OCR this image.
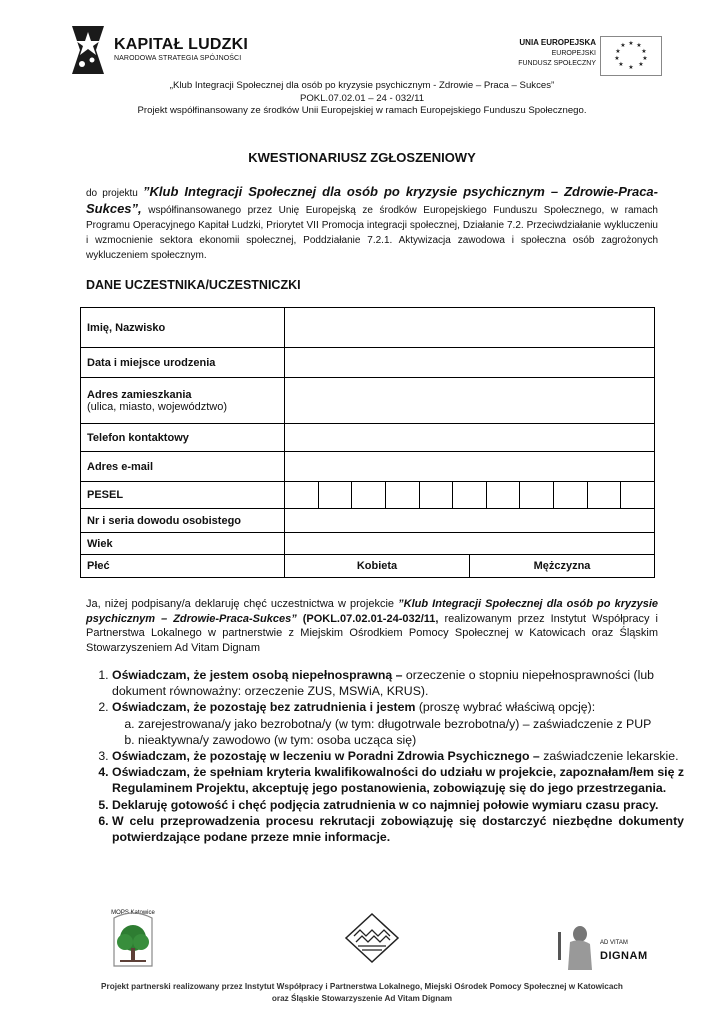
KAPITAŁ LUDZKI
NARODOWA STRATEGIA SPÓJNOŚCI
UNIA EUROPEJSKA
EUROPEJSKI
FUNDUSZ SPOŁECZNY
★ ★
★
★
★
★
★
★
★
★
„Klub Integracji Społecznej dla osób po kryzysie psychicznym - Zdrowie – Praca – Sukces”
POKL.07.02.01 – 24 - 032/11
Projekt współfinansowany ze środków Unii Europejskiej w ramach Europejskiego Funduszu Społecznego.
KWESTIONARIUSZ ZGŁOSZENIOWY
do projektu ”Klub Integracji Społecznej dla osób po kryzysie psychicznym – Zdrowie-Praca-Sukces”, współfinansowanego przez Unię Europejską ze środków Europejskiego Funduszu Społecznego, w ramach Programu Operacyjnego Kapitał Ludzki, Priorytet VII Promocja integracji społecznej, Działanie 7.2. Przeciwdziałanie wykluczeniu i wzmocnienie sektora ekonomii społecznej, Poddziałanie 7.2.1. Aktywizacja zawodowa i społeczna osób zagrożonych wykluczeniem społecznym.
DANE UCZESTNIKA/UCZESTNICZKI
Imię, Nazwisko		
Data i miejsce urodzenia		

Adres zamieszkania
(ulica, miasto, województwo)		

Telefon kontaktowy		
Adres e-mail		
PESEL		

Nr i seria dowodu osobistego		
Wiek		
Płeć	Kobieta	Mężczyzna
Ja, niżej podpisany/a deklaruję chęć uczestnictwa w projekcie ”Klub Integracji Społecznej dla osób po kryzysie psychicznym – Zdrowie-Praca-Sukces” (POKL.07.02.01-24-032/11, realizowanym przez Instytut Współpracy i Partnerstwa Lokalnego w partnerstwie z Miejskim Ośrodkiem Pomocy Społecznej w Katowicach oraz Śląskim Stowarzyszeniem Ad Vitam Dignam
1. Oświadczam, że jestem osobą niepełnosprawną – orzeczenie o stopniu niepełnosprawności (lub dokument równoważny: orzeczenie ZUS, MSWiA, KRUS).
2. Oświadczam, że pozostaję bez zatrudnienia i jestem (proszę wybrać właściwą opcję):
a. zarejestrowana/y jako bezrobotna/y (w tym: długotrwale bezrobotna/y) – zaświadczenie z PUP
b. nieaktywna/y zawodowo (w tym: osoba ucząca się)
3. Oświadczam, że pozostaję w leczeniu w Poradni Zdrowia Psychicznego – zaświadczenie lekarskie.
4. Oświadczam, że spełniam kryteria kwalifikowalności do udziału w projekcie, zapoznałam/łem się z Regulaminem Projektu, akceptuję jego postanowienia, zobowiązuję się do jego przestrzegania.
5. Deklaruję gotowość i chęć podjęcia zatrudnienia w co najmniej połowie wymiaru czasu pracy.
6. W celu przeprowadzenia procesu rekrutacji zobowiązuję się dostarczyć niezbędne dokumenty potwierdzające podane przeze mnie informacje.
MOPS Katowice
AD VITAM
DIGNAM
Projekt partnerski realizowany przez Instytut Współpracy i Partnerstwa Lokalnego, Miejski Ośrodek Pomocy Społecznej w Katowicach
oraz Śląskie Stowarzyszenie Ad Vitam Dignam
